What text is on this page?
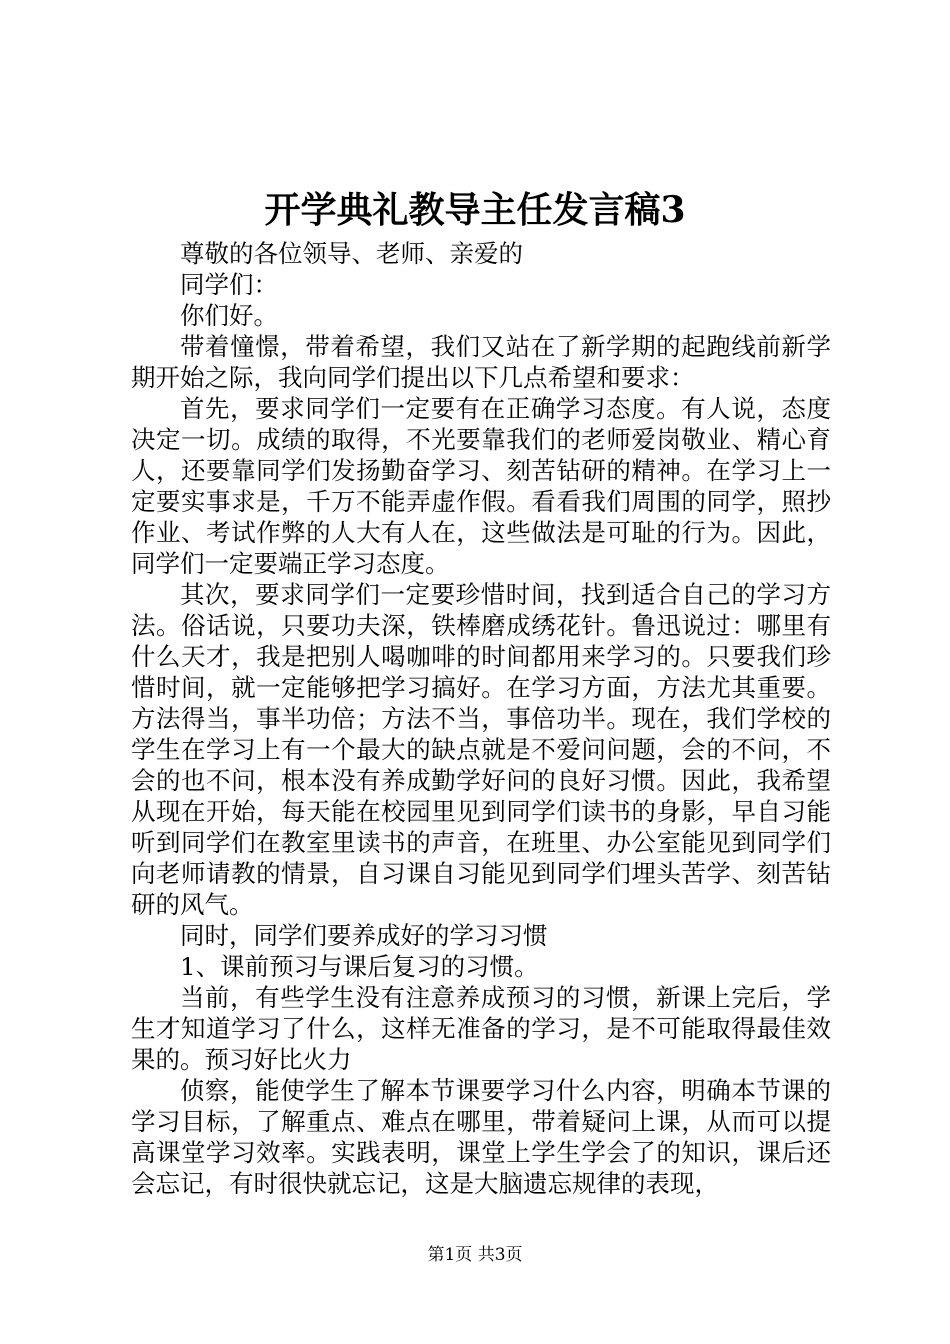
开学典礼教导主任发言稿3

尊敬的各位领导、老师、亲爱的

同学们：

你们好。

带着憧憬，带着希望，我们又站在了新学期的起跑线前新学期开始之际，我向同学们提出以下几点希望和要求：

首先，要求同学们一定要有在正确学习态度。有人说，态度决定一切。成绩的取得，不光要靠我们的老师爱岗敬业、精心育人，还要靠同学们发扬勤奋学习、刻苦钻研的精神。在学习上一定要实事求是，千万不能弄虚作假。看看我们周围的同学，照抄作业、考试作弊的人大有人在，这些做法是可耻的行为。因此，同学们一定要端正学习态度。

其次，要求同学们一定要珍惜时间，找到适合自己的学习方法。俗话说，只要功夫深，铁棒磨成绣花针。鲁迅说过：哪里有什么天才，我是把别人喝咖啡的时间都用来学习的。只要我们珍惜时间，就一定能够把学习搞好。在学习方面，方法尤其重要。方法得当，事半功倍；方法不当，事倍功半。现在，我们学校的学生在学习上有一个最大的缺点就是不爱问问题，会的不问，不会的也不问，根本没有养成勤学好问的良好习惯。因此，我希望从现在开始，每天能在校园里见到同学们读书的身影，早自习能听到同学们在教室里读书的声音，在班里、办公室能见到同学们向老师请教的情景，自习课自习能见到同学们埋头苦学、刻苦钻研的风气。

同时，同学们要养成好的学习习惯

1、课前预习与课后复习的习惯。

当前，有些学生没有注意养成预习的习惯，新课上完后，学生才知道学习了什么，这样无准备的学习，是不可能取得最佳效果的。预习好比火力

侦察，能使学生了解本节课要学习什么内容，明确本节课的学习目标，了解重点、难点在哪里，带着疑问上课，从而可以提高课堂学习效率。实践表明，课堂上学生学会了的知识，课后还会忘记，有时很快就忘记，这是大脑遗忘规律的表现，

第1页 共3页
